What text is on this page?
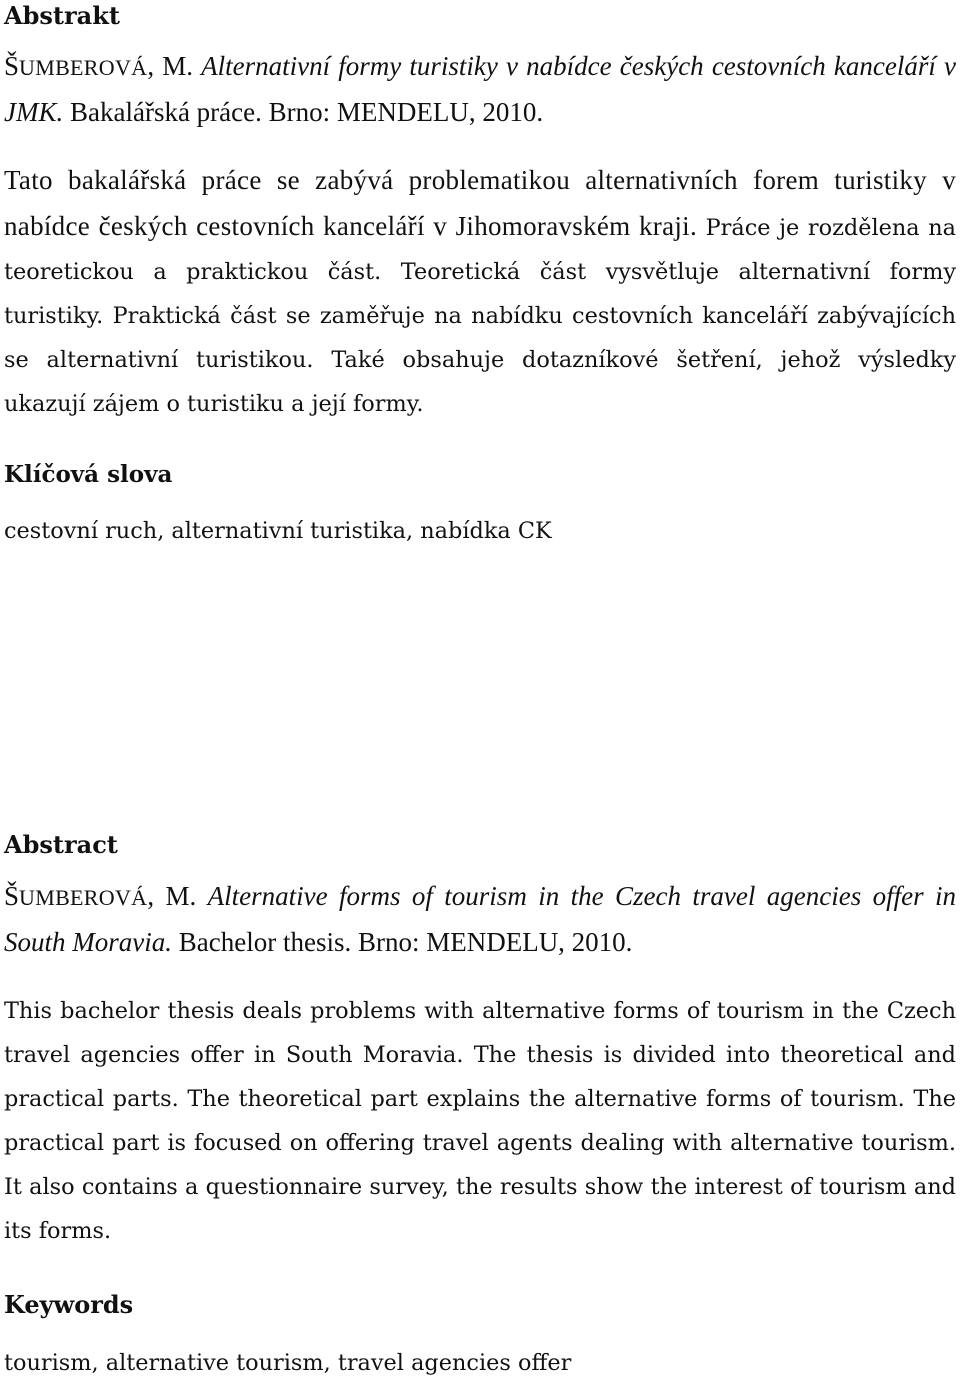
Abstrakt

ŠUMBEROVÁ, M. Alternativní formy turistiky v nabídce českých cestovních kanceláří v JMK. Bakalářská práce. Brno: MENDELU, 2010.

Tato bakalářská práce se zabývá problematikou alternativních forem turistiky v nabídce českých cestovních kanceláří v Jihomoravském kraji. Práce je rozdělena na teoretickou a praktickou část. Teoretická část vysvětluje alternativní formy turistiky. Praktická část se zaměřuje na nabídku cestovních kanceláří zabývajících se alternativní turistikou. Také obsahuje dotazníkové šetření, jehož výsledky ukazují zájem o turistiku a její formy.

Klíčová slova

cestovní ruch, alternativní turistika, nabídka CK

Abstract

ŠUMBEROVÁ, M. Alternative forms of tourism in the Czech travel agencies offer in South Moravia. Bachelor thesis. Brno: MENDELU, 2010.

This bachelor thesis deals problems with alternative forms of tourism in the Czech travel agencies offer in South Moravia. The thesis is divided into theoretical and practical parts. The theoretical part explains the alternative forms of tourism. The practical part is focused on offering travel agents dealing with alternative tourism. It also contains a questionnaire survey, the results show the interest of tourism and its forms.

Keywords

tourism, alternative tourism, travel agencies offer
